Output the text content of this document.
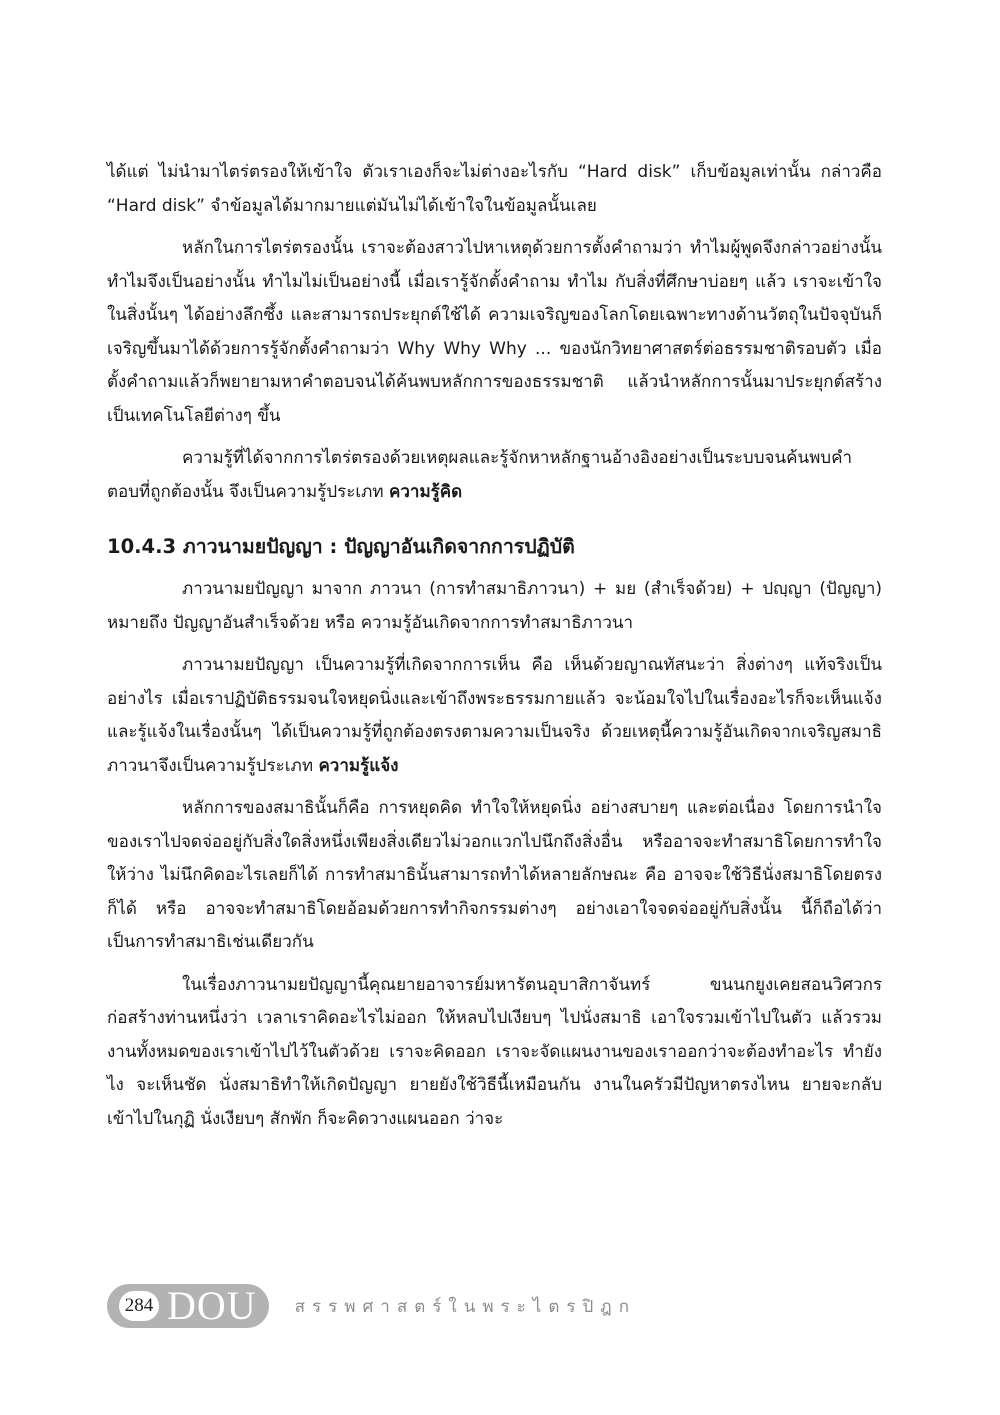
ได้แต่ ไม่นำมาไตร่ตรองให้เข้าใจ ตัวเราเองก็จะไม่ต่างอะไรกับ “Hard disk” เก็บข้อมูลเท่านั้น กล่าวคือ “Hard disk” จำข้อมูลได้มากมายแต่มันไม่ได้เข้าใจในข้อมูลนั้นเลย

หลักในการไตร่ตรองนั้น เราจะต้องสาวไปหาเหตุด้วยการตั้งคำถามว่า ทำไมผู้พูดจึงกล่าวอย่างนั้น ทำไมจึงเป็นอย่างนั้น ทำไมไม่เป็นอย่างนี้ เมื่อเรารู้จักตั้งคำถาม ทำไม กับสิ่งที่ศึกษาบ่อยๆ แล้ว เราจะเข้าใจในสิ่งนั้นๆ ได้อย่างลึกซึ้ง และสามารถประยุกต์ใช้ได้ ความเจริญของโลกโดยเฉพาะทางด้านวัตถุในปัจจุบันก็เจริญขึ้นมาได้ด้วยการรู้จักตั้งคำถามว่า Why Why Why ... ของนักวิทยาศาสตร์ต่อธรรมชาติรอบตัว เมื่อตั้งคำถามแล้วก็พยายามหาคำตอบจนได้ค้นพบหลักการของธรรมชาติ แล้วนำหลักการนั้นมาประยุกต์สร้างเป็นเทคโนโลยีต่างๆ ขึ้น

ความรู้ที่ได้จากการไตร่ตรองด้วยเหตุผลและรู้จักหาหลักฐานอ้างอิงอย่างเป็นระบบจนค้นพบคำตอบที่ถูกต้องนั้น จึงเป็นความรู้ประเภท ความรู้คิด

10.4.3 ภาวนามยปัญญา : ปัญญาอันเกิดจากการปฏิบัติ

ภาวนามยปัญญา มาจาก ภาวนา (การทำสมาธิภาวนา) + มย (สำเร็จด้วย) + ปญฺญา (ปัญญา) หมายถึง ปัญญาอันสำเร็จด้วย หรือ ความรู้อันเกิดจากการทำสมาธิภาวนา

ภาวนามยปัญญา เป็นความรู้ที่เกิดจากการเห็น คือ เห็นด้วยญาณทัสนะว่า สิ่งต่างๆ แท้จริงเป็นอย่างไร เมื่อเราปฏิบัติธรรมจนใจหยุดนิ่งและเข้าถึงพระธรรมกายแล้ว จะน้อมใจไปในเรื่องอะไรก็จะเห็นแจ้งและรู้แจ้งในเรื่องนั้นๆ ได้เป็นความรู้ที่ถูกต้องตรงตามความเป็นจริง ด้วยเหตุนี้ความรู้อันเกิดจากเจริญสมาธิภาวนาจึงเป็นความรู้ประเภท ความรู้แจ้ง

หลักการของสมาธินั้นก็คือ การหยุดคิด ทำใจให้หยุดนิ่ง อย่างสบายๆ และต่อเนื่อง โดยการนำใจของเราไปจดจ่ออยู่กับสิ่งใดสิ่งหนึ่งเพียงสิ่งเดียวไม่วอกแวกไปนึกถึงสิ่งอื่น หรืออาจจะทำสมาธิโดยการทำใจให้ว่าง ไม่นึกคิดอะไรเลยก็ได้ การทำสมาธินั้นสามารถทำได้หลายลักษณะ คือ อาจจะใช้วิธีนั่งสมาธิโดยตรงก็ได้ หรือ อาจจะทำสมาธิโดยอ้อมด้วยการทำกิจกรรมต่างๆ อย่างเอาใจจดจ่ออยู่กับสิ่งนั้น นี้ก็ถือได้ว่าเป็นการทำสมาธิเช่นเดียวกัน

ในเรื่องภาวนามยปัญญานี้คุณยายอาจารย์มหารัตนอุบาสิกาจันทร์ ขนนกยูงเคยสอนวิศวกรก่อสร้างท่านหนึ่งว่า เวลาเราคิดอะไรไม่ออก ให้หลบไปเงียบๆ ไปนั่งสมาธิ เอาใจรวมเข้าไปในตัว แล้วรวมงานทั้งหมดของเราเข้าไปไว้ในตัวด้วย เราจะคิดออก เราจะจัดแผนงานของเราออกว่าจะต้องทำอะไร ทำยังไง จะเห็นชัด นั่งสมาธิทำให้เกิดปัญญา ยายยังใช้วิธีนี้เหมือนกัน งานในครัวมีปัญหาตรงไหน ยายจะกลับเข้าไปในกุฏิ นั่งเงียบๆ สักพัก ก็จะคิดวางแผนออก ว่าจะ

284 DOU สรรพศาสตร์ในพระไตรปิฎก
